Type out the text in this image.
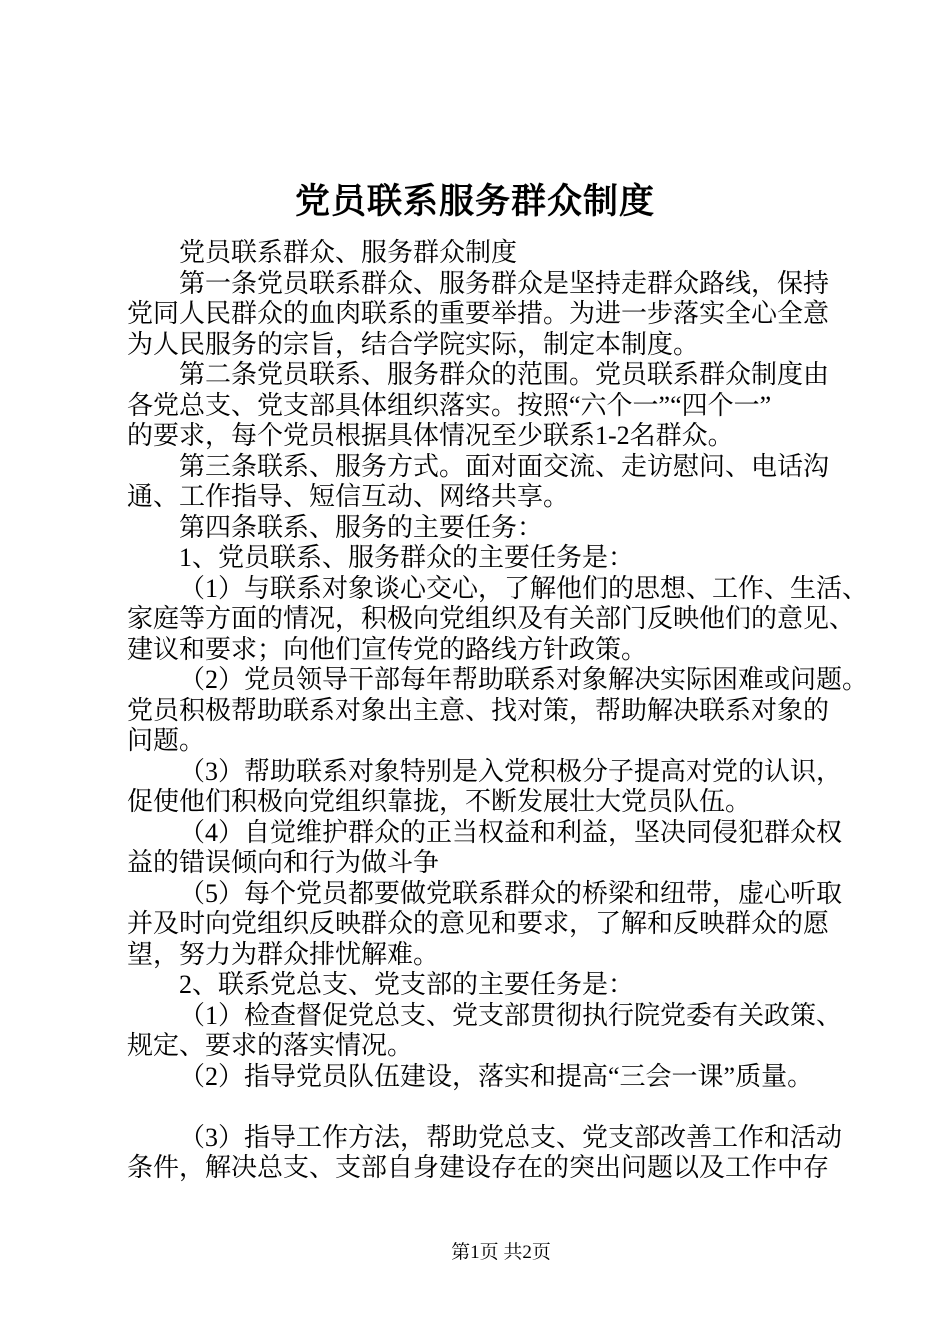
党员联系服务群众制度
党员联系群众、服务群众制度
第一条党员联系群众、服务群众是坚持走群众路线，保持
党同人民群众的血肉联系的重要举措。为进一步落实全心全意
为人民服务的宗旨，结合学院实际，制定本制度。
第二条党员联系、服务群众的范围。党员联系群众制度由
各党总支、党支部具体组织落实。按照“六个一”“四个一”
的要求，每个党员根据具体情况至少联系1-2名群众。
第三条联系、服务方式。面对面交流、走访慰问、电话沟
通、工作指导、短信互动、网络共享。
第四条联系、服务的主要任务：
1、党员联系、服务群众的主要任务是：
（1）与联系对象谈心交心，了解他们的思想、工作、生活、
家庭等方面的情况，积极向党组织及有关部门反映他们的意见、
建议和要求；向他们宣传党的路线方针政策。
（2）党员领导干部每年帮助联系对象解决实际困难或问题。
党员积极帮助联系对象出主意、找对策，帮助解决联系对象的
问题。
（3）帮助联系对象特别是入党积极分子提高对党的认识，
促使他们积极向党组织靠拢，不断发展壮大党员队伍。
（4）自觉维护群众的正当权益和利益，坚决同侵犯群众权
益的错误倾向和行为做斗争
（5）每个党员都要做党联系群众的桥梁和纽带，虚心听取
并及时向党组织反映群众的意见和要求，了解和反映群众的愿
望，努力为群众排忧解难。
2、联系党总支、党支部的主要任务是：
（1）检查督促党总支、党支部贯彻执行院党委有关政策、
规定、要求的落实情况。
（2）指导党员队伍建设，落实和提高“三会一课”质量。
（3）指导工作方法，帮助党总支、党支部改善工作和活动
条件，解决总支、支部自身建设存在的突出问题以及工作中存
第1页 共2页
